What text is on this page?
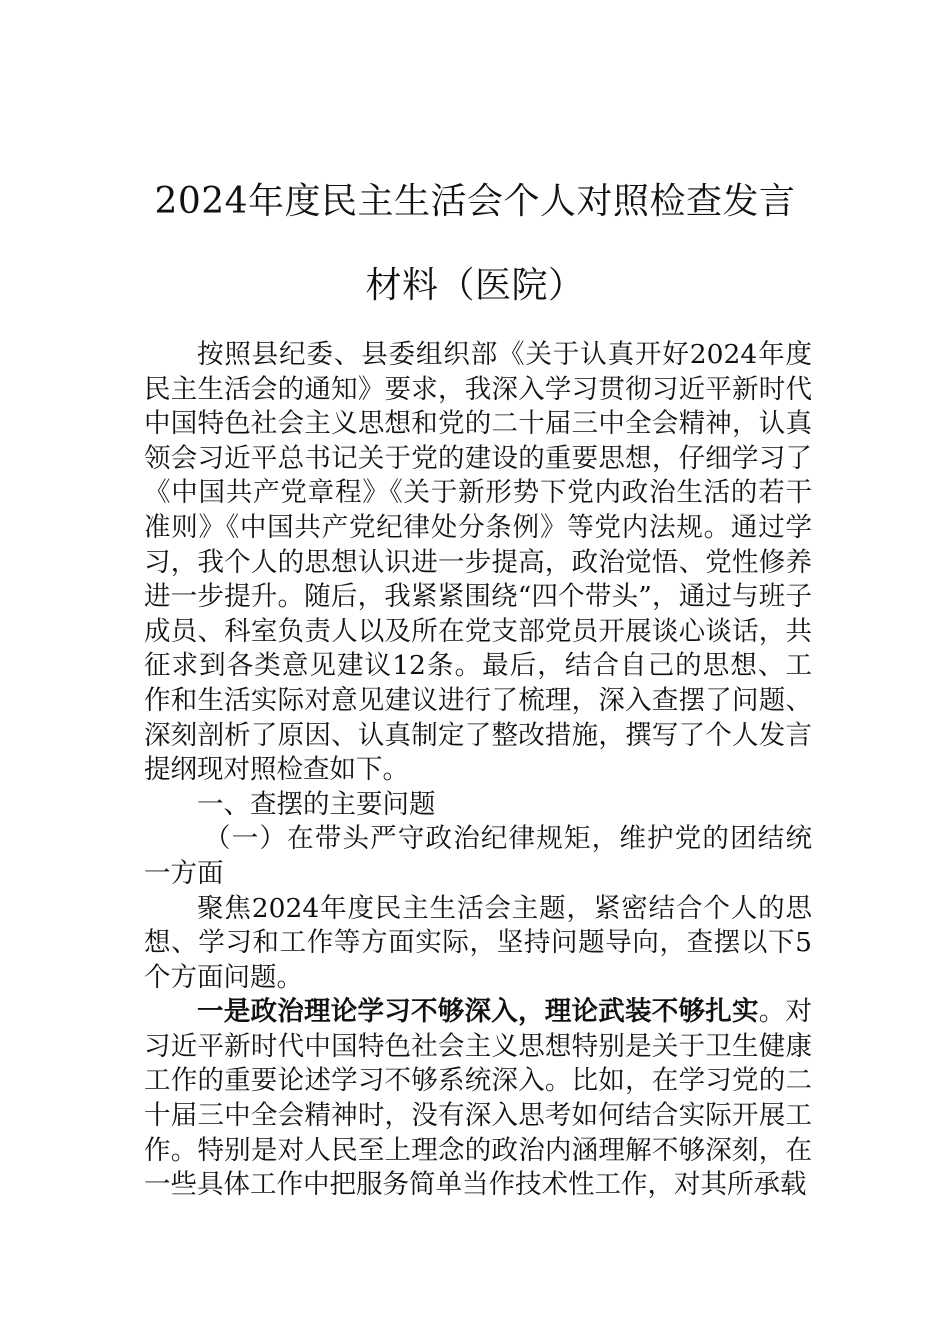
2024年度民主生活会个人对照检查发言材料（医院）

按照县纪委、县委组织部《关于认真开好2024年度民主生活会的通知》要求，我深入学习贯彻习近平新时代中国特色社会主义思想和党的二十届三中全会精神，认真领会习近平总书记关于党的建设的重要思想，仔细学习了《中国共产党章程》《关于新形势下党内政治生活的若干准则》《中国共产党纪律处分条例》等党内法规。通过学习，我个人的思想认识进一步提高，政治觉悟、党性修养进一步提升。随后，我紧紧围绕“四个带头”，通过与班子成员、科室负责人以及所在党支部党员开展谈心谈话，共征求到各类意见建议12条。最后，结合自己的思想、工作和生活实际对意见建议进行了梳理，深入查摆了问题、深刻剖析了原因、认真制定了整改措施，撰写了个人发言提纲现对照检查如下。

一、查摆的主要问题

（一）在带头严守政治纪律规矩，维护党的团结统一方面

聚焦2024年度民主生活会主题，紧密结合个人的思想、学习和工作等方面实际，坚持问题导向，查摆以下5个方面问题。

一是政治理论学习不够深入，理论武装不够扎实。对习近平新时代中国特色社会主义思想特别是关于卫生健康工作的重要论述学习不够系统深入。比如，在学习党的二十届三中全会精神时，没有深入思考如何结合实际开展工作。特别是对人民至上理念的政治内涵理解不够深刻，在一些具体工作中把服务简单当作技术性工作，对其所承载
